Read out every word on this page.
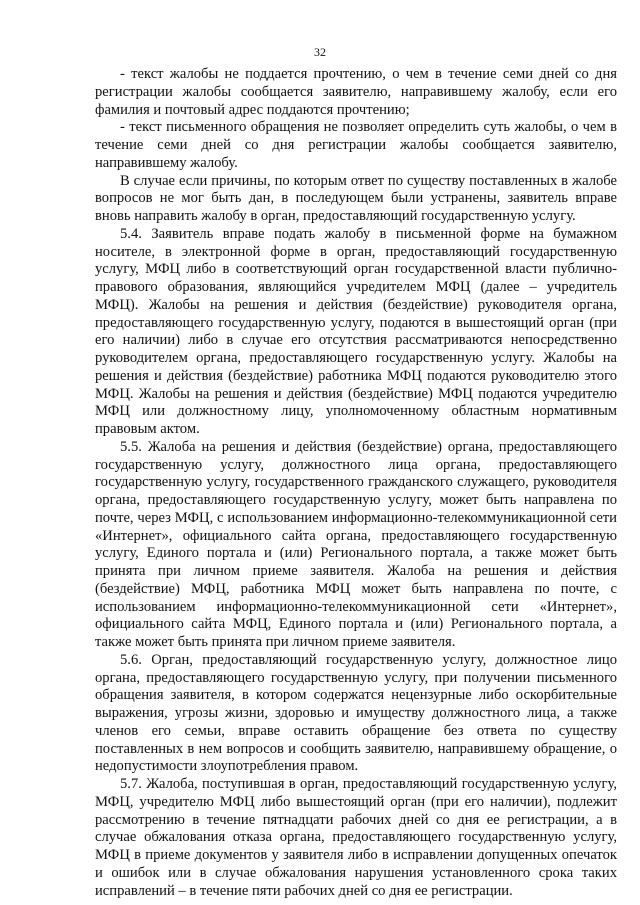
32

- текст жалобы не поддается прочтению, о чем в течение семи дней со дня регистрации жалобы сообщается заявителю, направившему жалобу, если его фамилия и почтовый адрес поддаются прочтению;

- текст письменного обращения не позволяет определить суть жалобы, о чем в течение семи дней со дня регистрации жалобы сообщается заявителю, направившему жалобу.

В случае если причины, по которым ответ по существу поставленных в жалобе вопросов не мог быть дан, в последующем были устранены, заявитель вправе вновь направить жалобу в орган, предоставляющий государственную услугу.

5.4. Заявитель вправе подать жалобу в письменной форме на бумажном носителе, в электронной форме в орган, предоставляющий государственную услугу, МФЦ либо в соответствующий орган государственной власти публично-правового образования, являющийся учредителем МФЦ (далее – учредитель МФЦ). Жалобы на решения и действия (бездействие) руководителя органа, предоставляющего государственную услугу, подаются в вышестоящий орган (при его наличии) либо в случае его отсутствия рассматриваются непосредственно руководителем органа, предоставляющего государственную услугу. Жалобы на решения и действия (бездействие) работника МФЦ подаются руководителю этого МФЦ. Жалобы на решения и действия (бездействие) МФЦ подаются учредителю МФЦ или должностному лицу, уполномоченному областным нормативным правовым актом.

5.5. Жалоба на решения и действия (бездействие) органа, предоставляющего государственную услугу, должностного лица органа, предоставляющего государственную услугу, государственного гражданского служащего, руководителя органа, предоставляющего государственную услугу, может быть направлена по почте, через МФЦ, с использованием информационно-телекоммуникационной сети «Интернет», официального сайта органа, предоставляющего государственную услугу, Единого портала и (или) Регионального портала, а также может быть принята при личном приеме заявителя. Жалоба на решения и действия (бездействие) МФЦ, работника МФЦ может быть направлена по почте, с использованием информационно-телекоммуникационной сети «Интернет», официального сайта МФЦ, Единого портала и (или) Регионального портала, а также может быть принята при личном приеме заявителя.

5.6. Орган, предоставляющий государственную услугу, должностное лицо органа, предоставляющего государственную услугу, при получении письменного обращения заявителя, в котором содержатся нецензурные либо оскорбительные выражения, угрозы жизни, здоровью и имуществу должностного лица, а также членов его семьи, вправе оставить обращение без ответа по существу поставленных в нем вопросов и сообщить заявителю, направившему обращение, о недопустимости злоупотребления правом.

5.7. Жалоба, поступившая в орган, предоставляющий государственную услугу, МФЦ, учредителю МФЦ либо вышестоящий орган (при его наличии), подлежит рассмотрению в течение пятнадцати рабочих дней со дня ее регистрации, а в случае обжалования отказа органа, предоставляющего государственную услугу, МФЦ в приеме документов у заявителя либо в исправлении допущенных опечаток и ошибок или в случае обжалования нарушения установленного срока таких исправлений – в течение пяти рабочих дней со дня ее регистрации.
